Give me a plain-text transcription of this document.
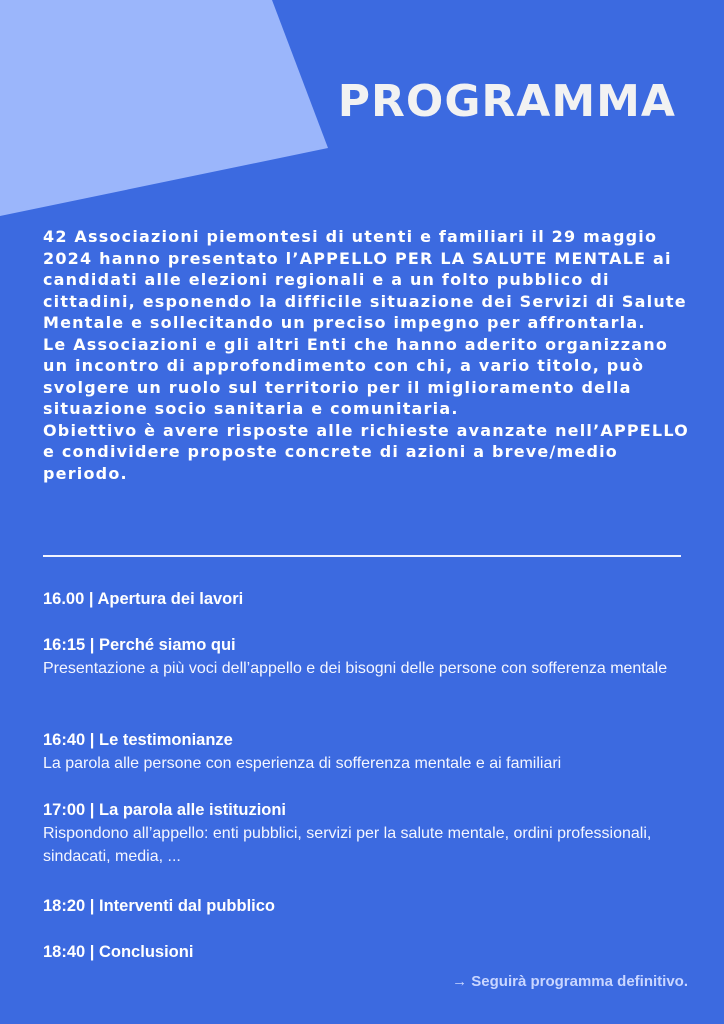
PROGRAMMA

42 Associazioni piemontesi di utenti e familiari il 29 maggio 2024 hanno presentato l’APPELLO PER LA SALUTE MENTALE ai candidati alle elezioni regionali e a un folto pubblico di cittadini, esponendo la difficile situazione dei Servizi di Salute Mentale e sollecitando un preciso impegno per affrontarla.

Le Associazioni e gli altri Enti che hanno aderito organizzano un incontro di approfondimento con chi, a vario titolo, può svolgere un ruolo sul territorio per il miglioramento della situazione socio sanitaria e comunitaria.

Obiettivo è avere risposte alle richieste avanzate nell’APPELLO e condividere proposte concrete di azioni a breve/medio periodo.

16.00 | Apertura dei lavori
16:15 | Perché siamo qui
Presentazione a più voci dell’appello e dei bisogni delle persone con sofferenza mentale
16:40 | Le testimonianze
La parola alle persone con esperienza di sofferenza mentale e ai familiari
17:00 | La parola alle istituzioni
Rispondono all’appello: enti pubblici, servizi per la salute mentale, ordini professionali, sindacati, media, ...
18:20 | Interventi dal pubblico
18:40 | Conclusioni
→ Seguirà programma definitivo.
